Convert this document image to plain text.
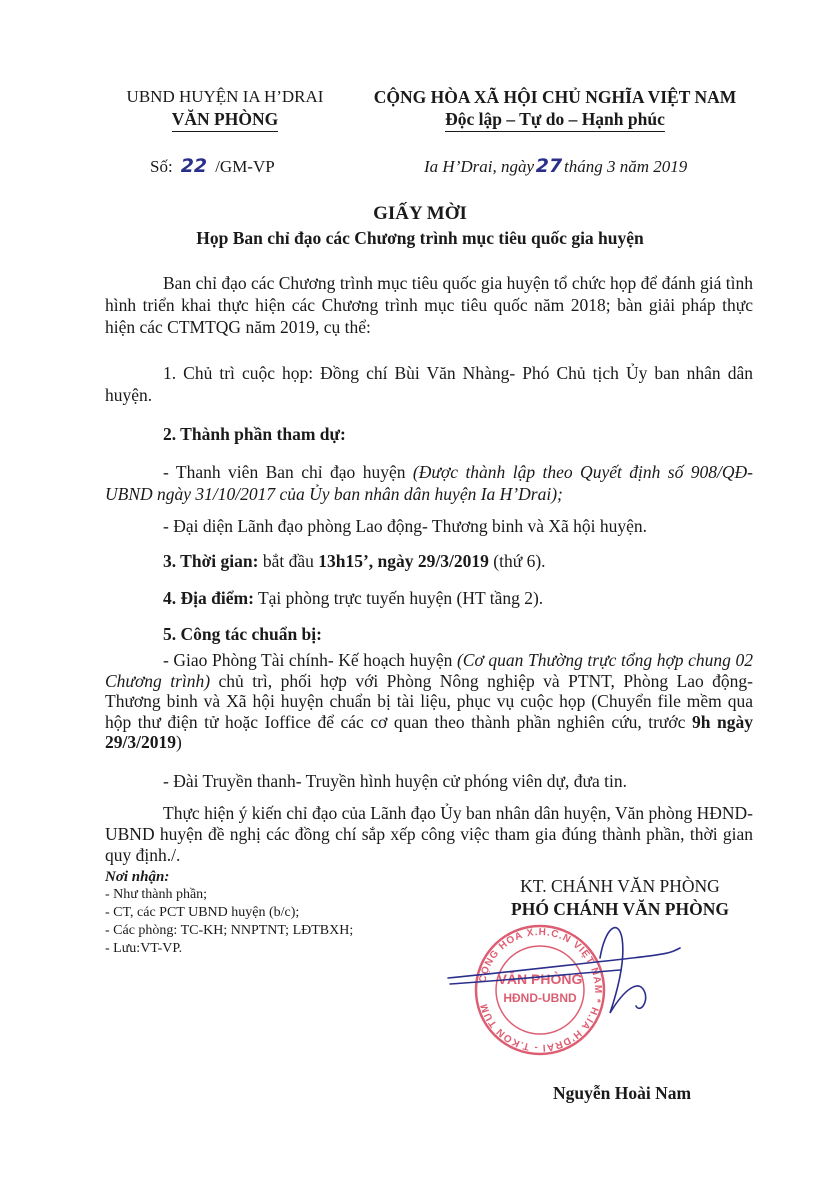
UBND HUYỆN IA H’DRAI
VĂN PHÒNG
CỘNG HÒA XÃ HỘI CHỦ NGHĨA VIỆT NAM
Độc lập – Tự do – Hạnh phúc
Số: 22 /GM-VP	Ia H’Drai, ngày27 tháng 3 năm 2019
GIẤY MỜI
Họp Ban chỉ đạo các Chương trình mục tiêu quốc gia huyện
Ban chỉ đạo các Chương trình mục tiêu quốc gia huyện tổ chức họp để đánh giá tình hình triển khai thực hiện các Chương trình mục tiêu quốc năm 2018; bàn giải pháp thực hiện các CTMTQG năm 2019, cụ thể:
1. Chủ trì cuộc họp: Đồng chí Bùi Văn Nhàng- Phó Chủ tịch Ủy ban nhân dân huyện.
2. Thành phần tham dự:
- Thanh viên Ban chỉ đạo huyện (Được thành lập theo Quyết định số 908/QĐ- UBND ngày 31/10/2017 của Ủy ban nhân dân huyện Ia H’Drai);
- Đại diện Lãnh đạo phòng Lao động- Thương binh và Xã hội huyện.
3. Thời gian: bắt đầu 13h15’, ngày 29/3/2019 (thứ 6).
4. Địa điểm: Tại phòng trực tuyến huyện (HT tầng 2).
5. Công tác chuẩn bị:
- Giao Phòng Tài chính- Kế hoạch huyện (Cơ quan Thường trực tổng hợp chung 02 Chương trình) chủ trì, phối hợp với Phòng Nông nghiệp và PTNT, Phòng Lao động- Thương binh và Xã hội huyện chuẩn bị tài liệu, phục vụ cuộc họp (Chuyển file mềm qua hộp thư điện tử hoặc Ioffice để các cơ quan theo thành phần nghiên cứu, trước 9h ngày 29/3/2019)
- Đài Truyền thanh- Truyền hình huyện cử phóng viên dự, đưa tin.
Thực hiện ý kiến chỉ đạo của Lãnh đạo Ủy ban nhân dân huyện, Văn phòng HĐND- UBND huyện đề nghị các đồng chí sắp xếp công việc tham gia đúng thành phần, thời gian quy định./.
Nơi nhận:
- Như thành phần;
- CT, các PCT UBND huyện (b/c);
- Các phòng: TC-KH; NNPTNT; LĐTBXH;
- Lưu:VT-VP.
KT. CHÁNH VĂN PHÒNG
PHÓ CHÁNH VĂN PHÒNG
CỘNG HÒA X.H.C.N VIỆT NAM * H.IA H’DRAI - T.KON TUM
VĂN PHÒNG
HĐND-UBND
Nguyễn Hoài Nam
